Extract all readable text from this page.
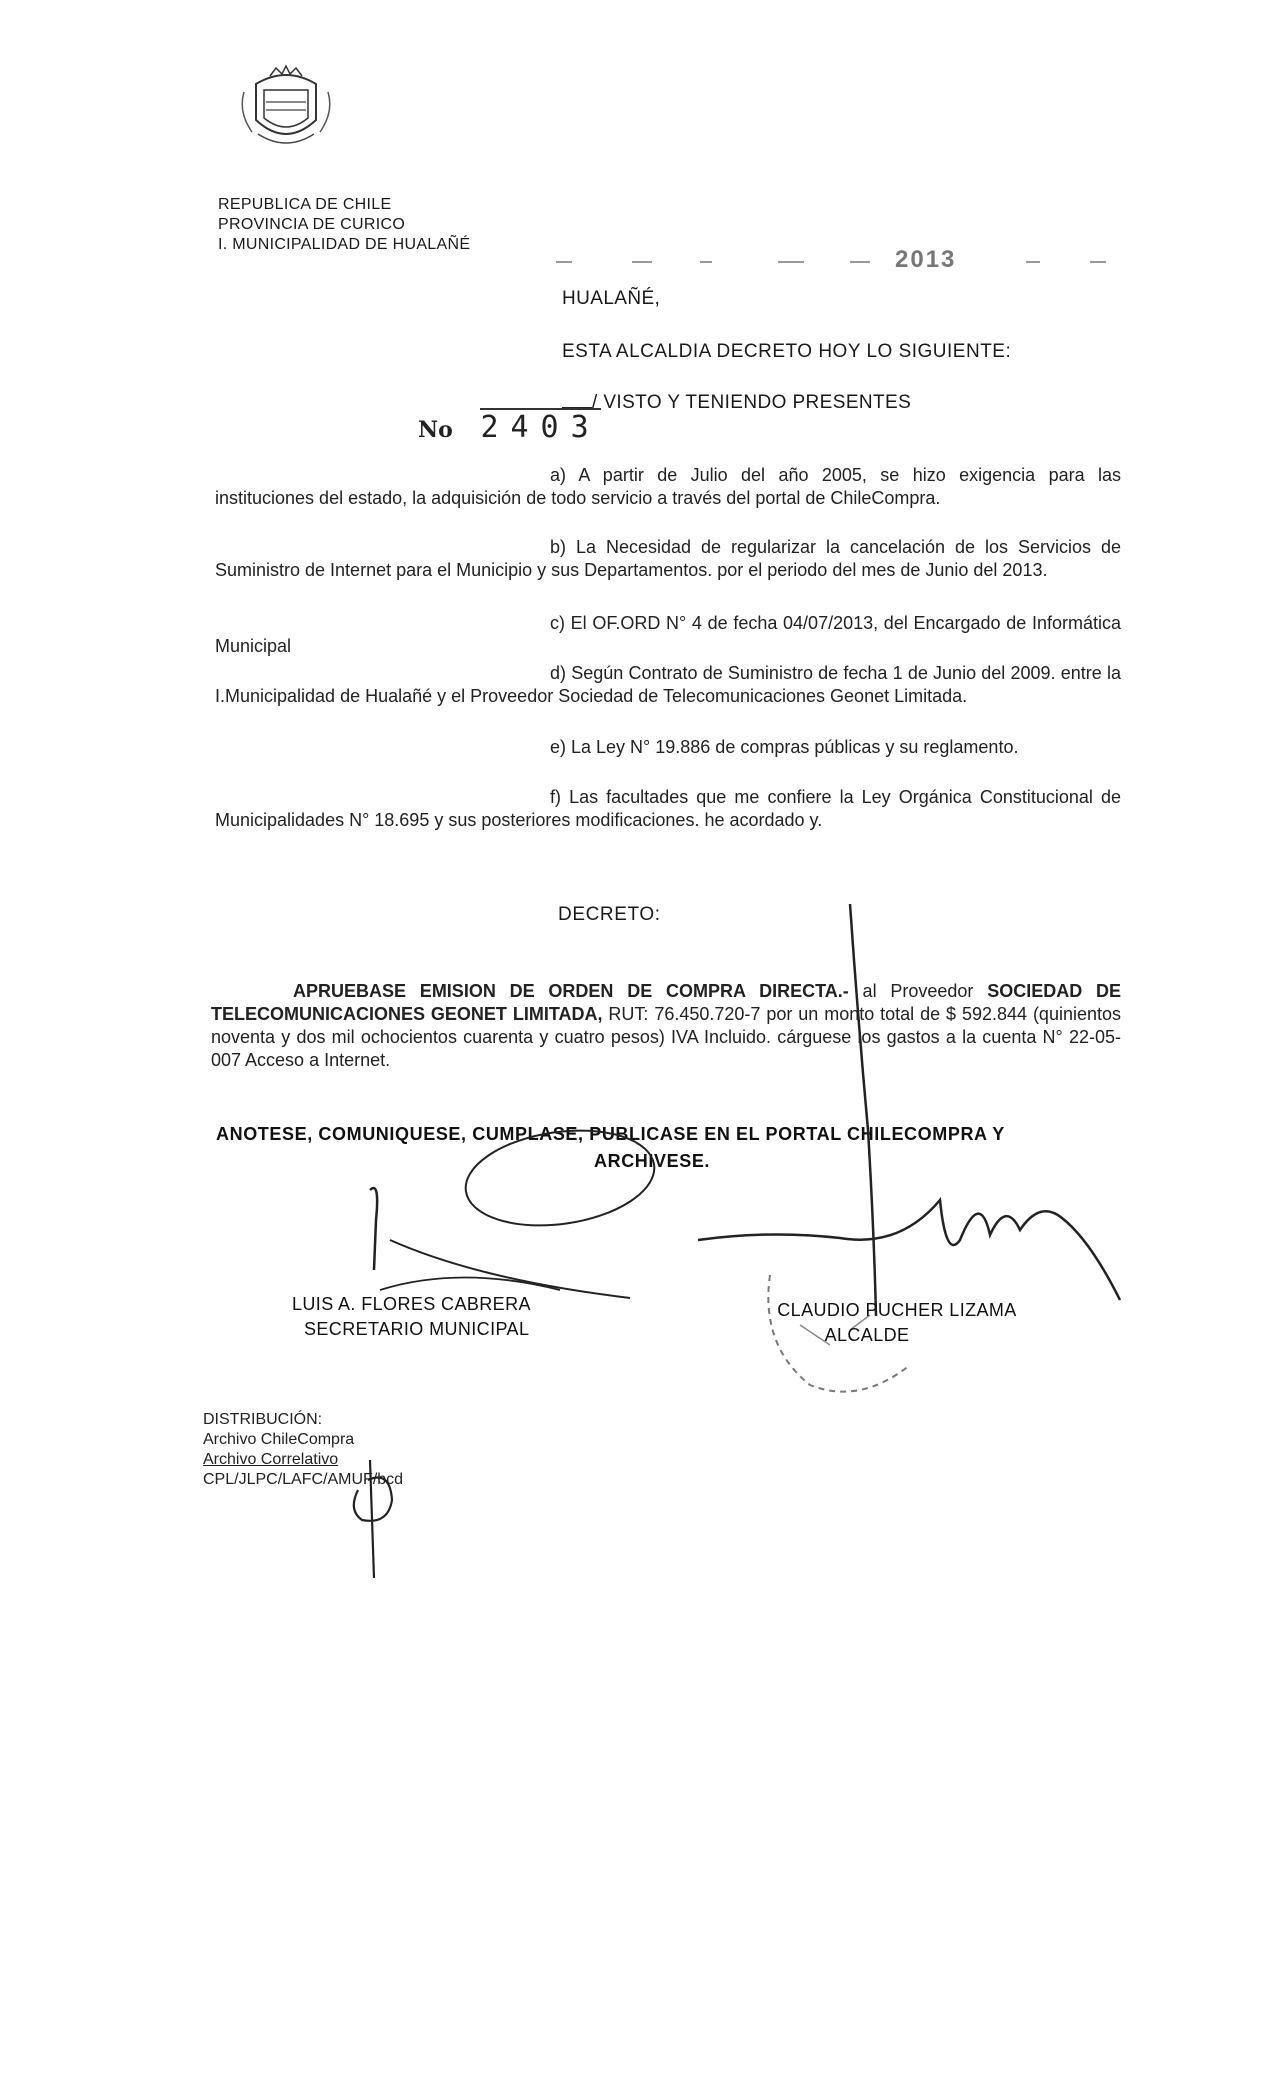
REPUBLICA DE CHILE
PROVINCIA DE CURICO
I. MUNICIPALIDAD DE HUALAÑÉ
2013
HUALAÑÉ,
ESTA ALCALDIA DECRETO HOY LO SIGUIENTE:
/ VISTO Y TENIENDO PRESENTES
No 2403
a) A partir de Julio del año 2005, se hizo exigencia para las instituciones del estado, la adquisición de todo servicio a través del portal de ChileCompra.
b) La Necesidad de regularizar la cancelación de los Servicios de Suministro de Internet para el Municipio y sus Departamentos. por el periodo del mes de Junio del 2013.
c) El OF.ORD N° 4 de fecha 04/07/2013, del Encargado de Informática Municipal
d) Según Contrato de Suministro de fecha 1 de Junio del 2009. entre la I.Municipalidad de Hualañé y el Proveedor Sociedad de Telecomunicaciones Geonet Limitada.
e) La Ley N° 19.886 de compras públicas y su reglamento.
f) Las facultades que me confiere la Ley Orgánica Constitucional de Municipalidades N° 18.695 y sus posteriores modificaciones. he acordado y.
DECRETO:
APRUEBASE EMISION DE ORDEN DE COMPRA DIRECTA.- al Proveedor SOCIEDAD DE TELECOMUNICACIONES GEONET LIMITADA, RUT: 76.450.720-7 por un monto total de $ 592.844 (quinientos noventa y dos mil ochocientos cuarenta y cuatro pesos) IVA Incluido. cárguese los gastos a la cuenta N° 22-05-007 Acceso a Internet.
ANOTESE, COMUNIQUESE, CUMPLASE, PUBLICASE EN EL PORTAL CHILECOMPRA Y
ARCHIVESE.
LUIS A. FLORES CABRERA
SECRETARIO MUNICIPAL
CLAUDIO PUCHER LIZAMA
ALCALDE
DISTRIBUCIÓN:
Archivo ChileCompra
Archivo Correlativo
CPL/JLPC/LAFC/AMUF/bcd
